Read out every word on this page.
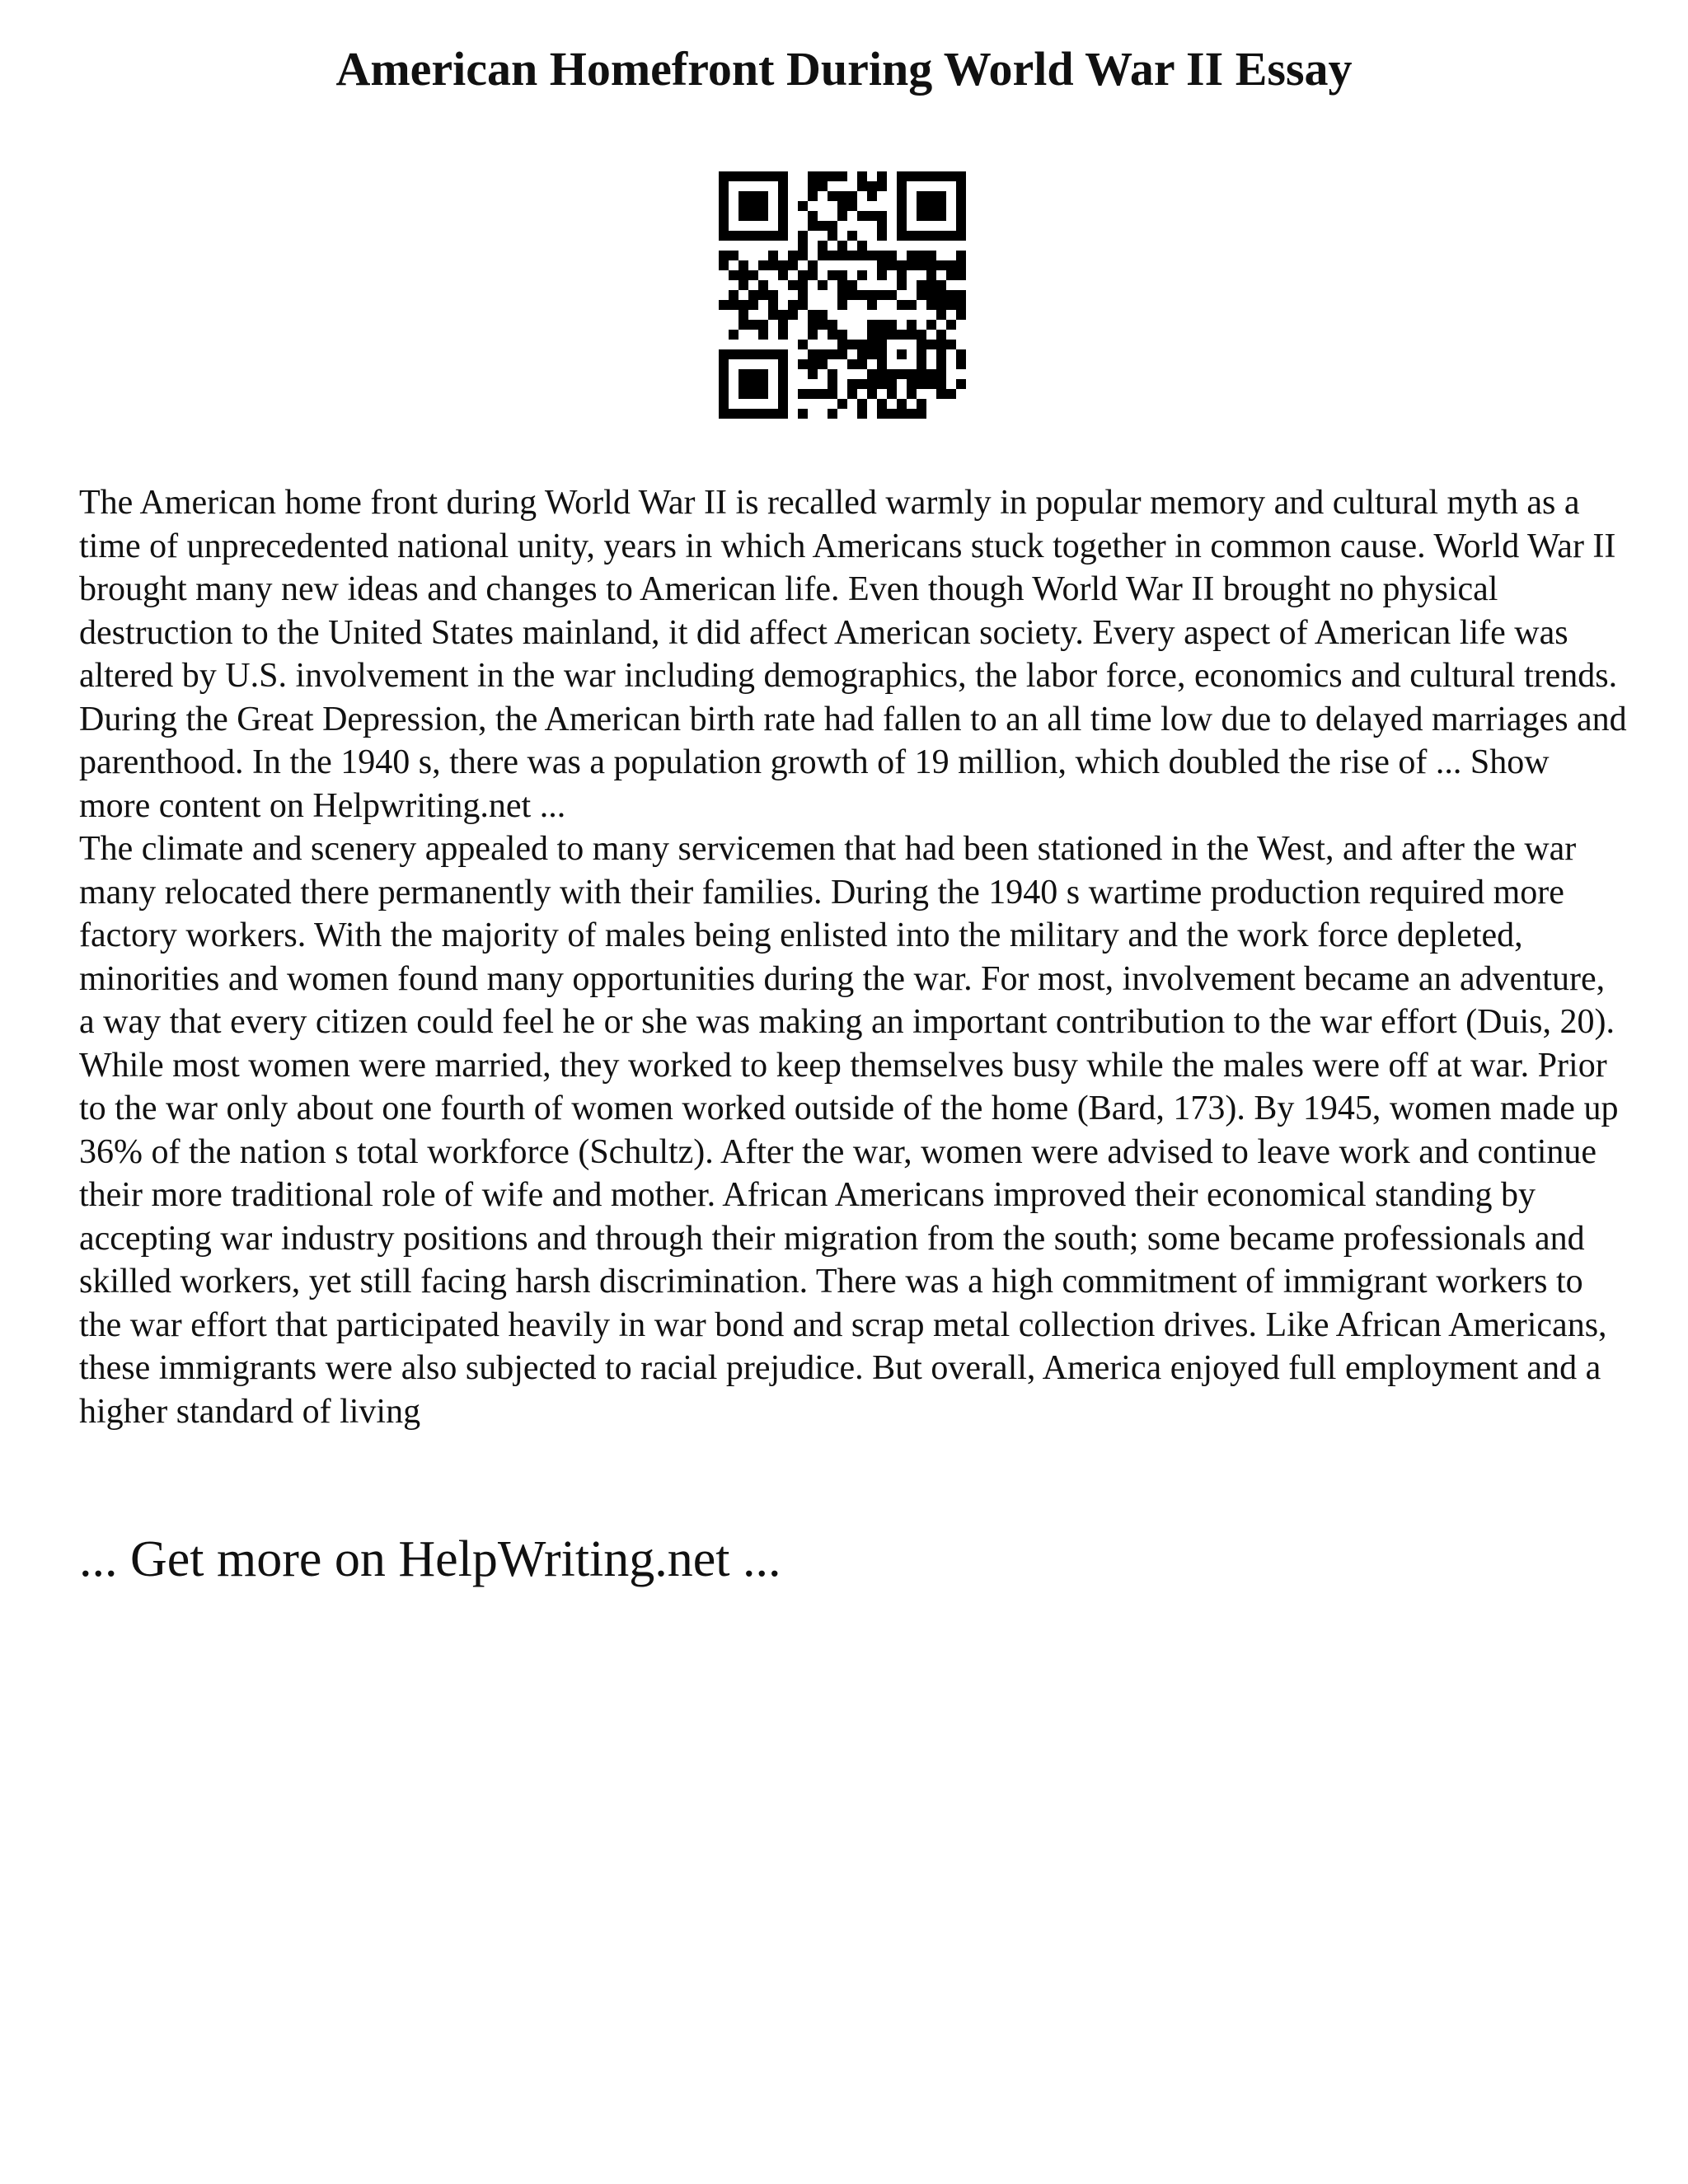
American Homefront During World War II Essay

The American home front during World War II is recalled warmly in popular memory and cultural myth as a time of unprecedented national unity, years in which Americans stuck together in common cause. World War II brought many new ideas and changes to American life. Even though World War II brought no physical destruction to the United States mainland, it did affect American society. Every aspect of American life was altered by U.S. involvement in the war including demographics, the labor force, economics and cultural trends. During the Great Depression, the American birth rate had fallen to an all time low due to delayed marriages and parenthood. In the 1940 s, there was a population growth of 19 million, which doubled the rise of ... Show more content on Helpwriting.net ...

The climate and scenery appealed to many servicemen that had been stationed in the West, and after the war many relocated there permanently with their families. During the 1940 s wartime production required more factory workers. With the majority of males being enlisted into the military and the work force depleted, minorities and women found many opportunities during the war. For most, involvement became an adventure, a way that every citizen could feel he or she was making an important contribution to the war effort (Duis, 20). While most women were married, they worked to keep themselves busy while the males were off at war. Prior to the war only about one fourth of women worked outside of the home (Bard, 173). By 1945, women made up 36% of the nation s total workforce (Schultz). After the war, women were advised to leave work and continue their more traditional role of wife and mother. African Americans improved their economical standing by accepting war industry positions and through their migration from the south; some became professionals and skilled workers, yet still facing harsh discrimination. There was a high commitment of immigrant workers to the war effort that participated heavily in war bond and scrap metal collection drives. Like African Americans, these immigrants were also subjected to racial prejudice. But overall, America enjoyed full employment and a higher standard of living

... Get more on HelpWriting.net ...
